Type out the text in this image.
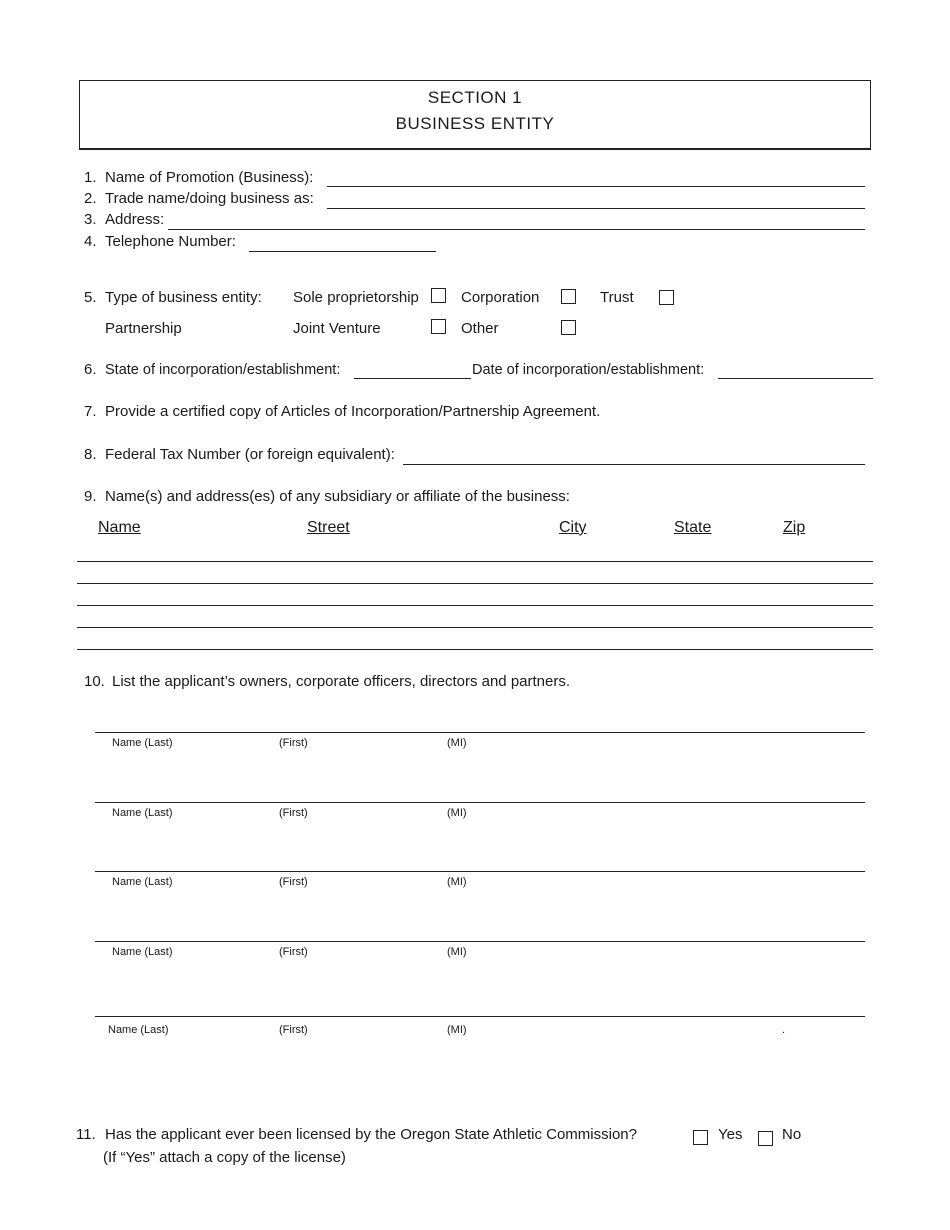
SECTION 1
BUSINESS ENTITY
1. Name of Promotion (Business):
2. Trade name/doing business as:
3. Address:
4. Telephone Number:
5. Type of business entity: Sole proprietorship	Corporation	Trust
Partnership	Joint Venture	Other
6. State of incorporation/establishment:	Date of incorporation/establishment:
7. Provide a certified copy of Articles of Incorporation/Partnership Agreement.
8. Federal Tax Number (or foreign equivalent):
9. Name(s) and address(es) of any subsidiary or affiliate of the business:
Name	Street	City	State	Zip
10. List the applicant’s owners, corporate officers, directors and partners.
Name (Last)	(First)	(MI)
Name (Last)	(First)	(MI)
Name (Last)	(First)	(MI)
Name (Last)	(First)	(MI)
Name (Last)	(First)	(MI)	.
11. Has the applicant ever been licensed by the Oregon State Athletic Commission?
(If “Yes” attach a copy of the license)
Yes	No
